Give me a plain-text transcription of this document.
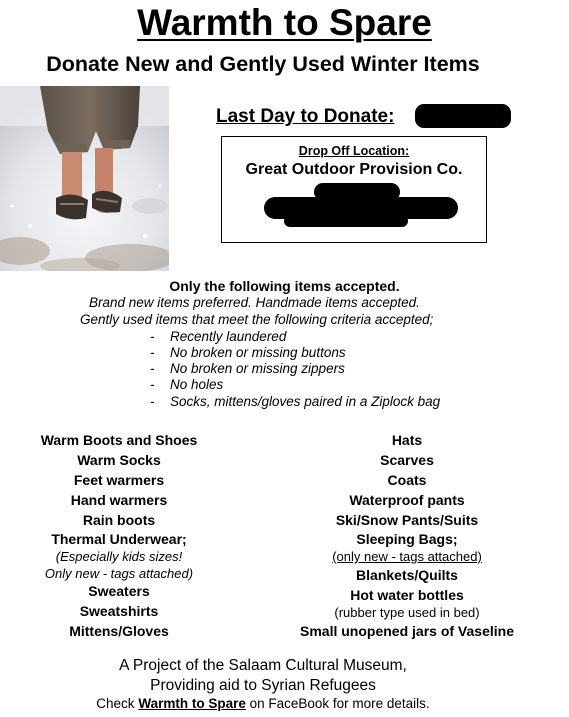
Warmth to Spare
Donate New and Gently Used Winter Items
Last Day to Donate:
Drop Off Location:
Great Outdoor Provision Co.
Only the following items accepted.
Brand new items preferred. Handmade items accepted.
Gently used items that meet the following criteria accepted;
- Recently laundered
- No broken or missing buttons
- No broken or missing zippers
- No holes
- Socks, mittens/gloves paired in a Ziplock bag
Warm Boots and Shoes
Warm Socks
Feet warmers
Hand warmers
Rain boots
Thermal Underwear;
(Especially kids sizes!
Only new - tags attached)
Sweaters
Sweatshirts
Mittens/Gloves
Hats
Scarves
Coats
Waterproof pants
Ski/Snow Pants/Suits
Sleeping Bags;
(only new - tags attached)
Blankets/Quilts
Hot water bottles
(rubber type used in bed)
Small unopened jars of Vaseline
A Project of the Salaam Cultural Museum,
Providing aid to Syrian Refugees
Check Warmth to Spare on FaceBook for more details.
